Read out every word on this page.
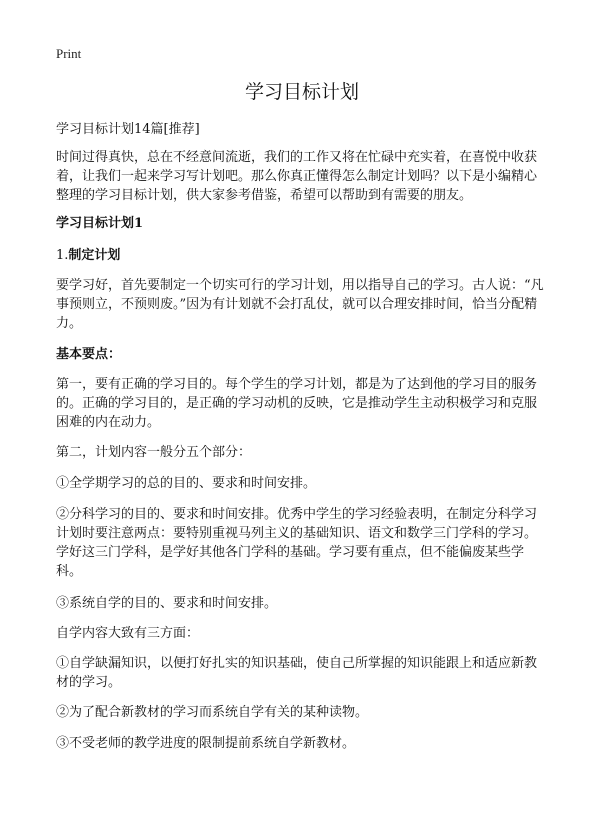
Print
学习目标计划

学习目标计划14篇[推荐]

时间过得真快，总在不经意间流逝，我们的工作又将在忙碌中充实着，在喜悦中收获着，让我们一起来学习写计划吧。那么你真正懂得怎么制定计划吗？以下是小编精心整理的学习目标计划，供大家参考借鉴，希望可以帮助到有需要的朋友。

学习目标计划1

1.制定计划

要学习好，首先要制定一个切实可行的学习计划，用以指导自己的学习。古人说：“凡事预则立，不预则废。”因为有计划就不会打乱仗，就可以合理安排时间，恰当分配精力。

基本要点：

第一，要有正确的学习目的。每个学生的学习计划，都是为了达到他的学习目的服务的。正确的学习目的，是正确的学习动机的反映，它是推动学生主动积极学习和克服困难的内在动力。

第二，计划内容一般分五个部分：

①全学期学习的总的目的、要求和时间安排。

②分科学习的目的、要求和时间安排。优秀中学生的学习经验表明，在制定分科学习计划时要注意两点：要特别重视马列主义的基础知识、语文和数学三门学科的学习。学好这三门学科，是学好其他各门学科的基础。学习要有重点，但不能偏废某些学科。

③系统自学的目的、要求和时间安排。

自学内容大致有三方面：

①自学缺漏知识，以便打好扎实的知识基础，使自己所掌握的知识能跟上和适应新教材的学习。

②为了配合新教材的学习而系统自学有关的某种读物。

③不受老师的教学进度的限制提前系统自学新教材。
